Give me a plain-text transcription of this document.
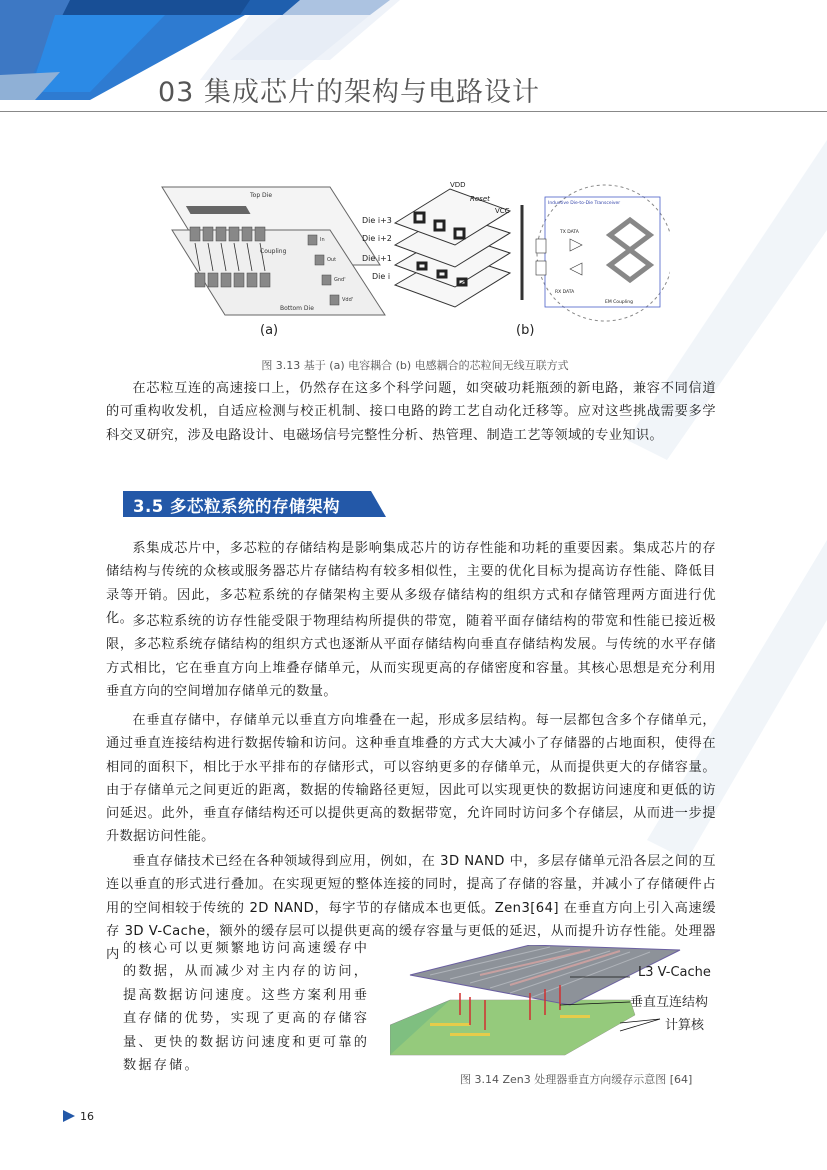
03 集成芯片的架构与电路设计
Top Die
Coupling
Bottom Die
In
Out
Gnd'
Vdd'
VDD
Reset
VCC
Die i+3
Die i+2
Die i+1
Die i
Inductive Die-to-Die Transceiver
TX DATA
RX DATA
EM Coupling
(a)	(b)
图 3.13 基于 (a) 电容耦合 (b) 电感耦合的芯粒间无线互联方式

在芯粒互连的高速接口上，仍然存在这多个科学问题，如突破功耗瓶颈的新电路，兼容不同信道的可重构收发机，自适应检测与校正机制、接口电路的跨工艺自动化迁移等。应对这些挑战需要多学科交叉研究，涉及电路设计、电磁场信号完整性分析、热管理、制造工艺等领域的专业知识。

3.5 多芯粒系统的存储架构

系集成芯片中，多芯粒的存储结构是影响集成芯片的访存性能和功耗的重要因素。集成芯片的存储结构与传统的众核或服务器芯片存储结构有较多相似性，主要的优化目标为提高访存性能、降低目录等开销。因此，多芯粒系统的存储架构主要从多级存储结构的组织方式和存储管理两方面进行优化。 多芯粒系统的访存性能受限于物理结构所提供的带宽，随着平面存储结构的带宽和性能已接近极限，多芯粒系统存储结构的组织方式也逐渐从平面存储结构向垂直存储结构发展。与传统的水平存储方式相比，它在垂直方向上堆叠存储单元，从而实现更高的存储密度和容量。其核心思想是充分利用垂直方向的空间增加存储单元的数量。

在垂直存储中，存储单元以垂直方向堆叠在一起，形成多层结构。每一层都包含多个存储单元，通过垂直连接结构进行数据传输和访问。这种垂直堆叠的方式大大减小了存储器的占地面积，使得在相同的面积下，相比于水平排布的存储形式，可以容纳更多的存储单元，从而提供更大的存储容量。由于存储单元之间更近的距离，数据的传输路径更短，因此可以实现更快的数据访问速度和更低的访问延迟。此外，垂直存储结构还可以提供更高的数据带宽，允许同时访问多个存储层，从而进一步提升数据访问性能。

垂直存储技术已经在各种领域得到应用，例如，在 3D NAND 中，多层存储单元沿各层之间的互连以垂直的形式进行叠加。在实现更短的整体连接的同时，提高了存储的容量，并减小了存储硬件占用的空间相较于传统的 2D NAND，每字节的存储成本也更低。Zen3[64] 在垂直方向上引入高速缓存 3D V-Cache，额外的缓存层可以提供更高的缓存容量与更低的延迟，从而提升访存性能。处理器内 的核心可以更频繁地访问高速缓存中的数据，从而减少对主内存的访问，提高数据访问速度。这些方案利用垂直存储的优势，实现了更高的存储容量、更快的数据访问速度和更可靠的数据存储。

L3 V-Cache
垂直互连结构
计算核
图 3.14 Zen3 处理器垂直方向缓存示意图 [64]
16
